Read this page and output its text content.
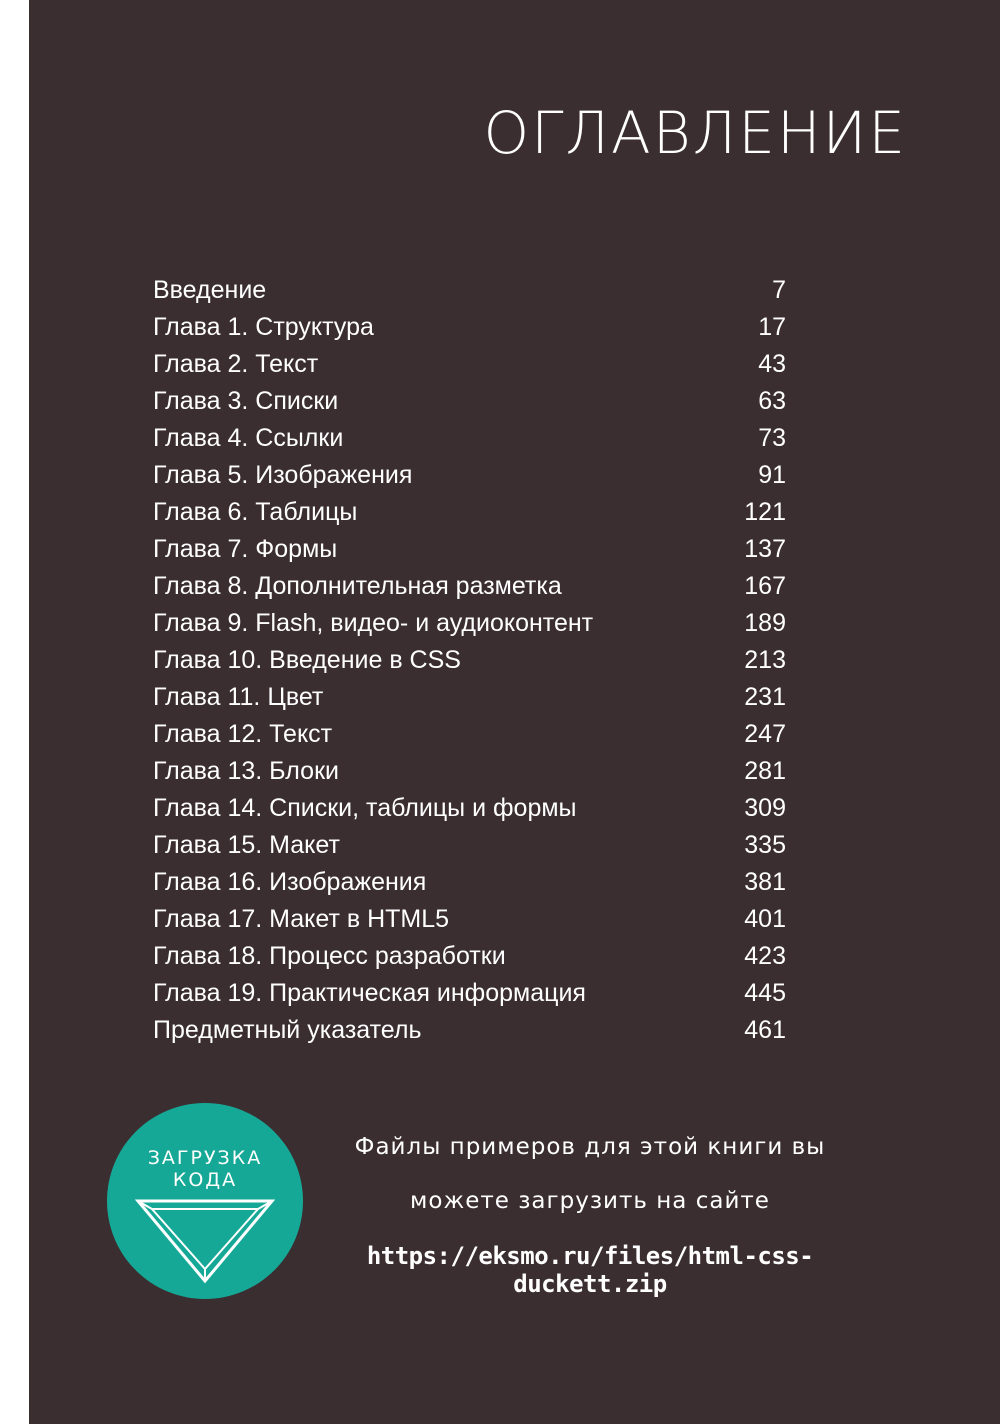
ОГЛАВЛЕНИЕ
Введение	7
Глава 1. Структура	17
Глава 2. Текст	43
Глава 3. Списки	63
Глава 4. Ссылки	73
Глава 5. Изображения	91
Глава 6. Таблицы	121
Глава 7. Формы	137
Глава 8. Дополнительная разметка	167
Глава 9. Flash, видео- и аудиоконтент	189
Глава 10. Введение в CSS	213
Глава 11. Цвет	231
Глава 12. Текст	247
Глава 13. Блоки	281
Глава 14. Списки, таблицы и формы	309
Глава 15. Макет	335
Глава 16. Изображения	381
Глава 17. Макет в HTML5	401
Глава 18. Процесс разработки	423
Глава 19. Практическая информация	445
Предметный указатель	461
ЗАГРУЗКА
КОДА
Файлы примеров для этой книги вы
можете загрузить на сайте
https://eksmo.ru/files/html-css-duckett.zip
